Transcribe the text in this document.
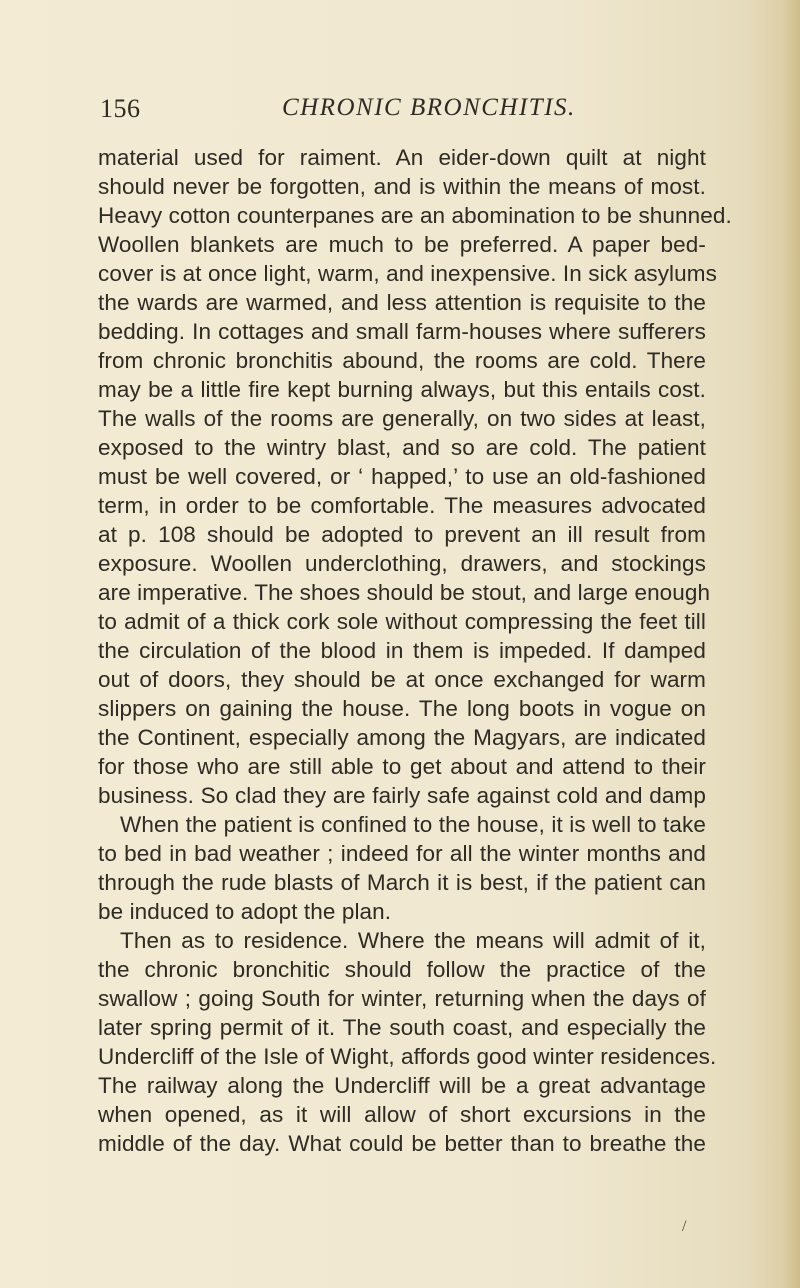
156	CHRONIC BRONCHITIS.
material used for raiment. An eider-down quilt at night
should never be forgotten, and is within the means of most.
Heavy cotton counterpanes are an abomination to be shunned.
Woollen blankets are much to be preferred. A paper bed-
cover is at once light, warm, and inexpensive. In sick asylums
the wards are warmed, and less attention is requisite to the
bedding. In cottages and small farm-houses where sufferers
from chronic bronchitis abound, the rooms are cold. There
may be a little fire kept burning always, but this entails cost.
The walls of the rooms are generally, on two sides at least,
exposed to the wintry blast, and so are cold. The patient
must be well covered, or ‘ happed,’ to use an old-fashioned
term, in order to be comfortable. The measures advocated
at p. 108 should be adopted to prevent an ill result from
exposure. Woollen underclothing, drawers, and stockings
are imperative. The shoes should be stout, and large enough
to admit of a thick cork sole without compressing the feet till
the circulation of the blood in them is impeded. If damped
out of doors, they should be at once exchanged for warm
slippers on gaining the house. The long boots in vogue on
the Continent, especially among the Magyars, are indicated
for those who are still able to get about and attend to their
business. So clad they are fairly safe against cold and damp
When the patient is confined to the house, it is well to take
to bed in bad weather ; indeed for all the winter months and
through the rude blasts of March it is best, if the patient can
be induced to adopt the plan.
Then as to residence. Where the means will admit of it,
the chronic bronchitic should follow the practice of the
swallow ; going South for winter, returning when the days of
later spring permit of it. The south coast, and especially the
Undercliff of the Isle of Wight, affords good winter residences.
The railway along the Undercliff will be a great advantage
when opened, as it will allow of short excursions in the
middle of the day. What could be better than to breathe the
/
